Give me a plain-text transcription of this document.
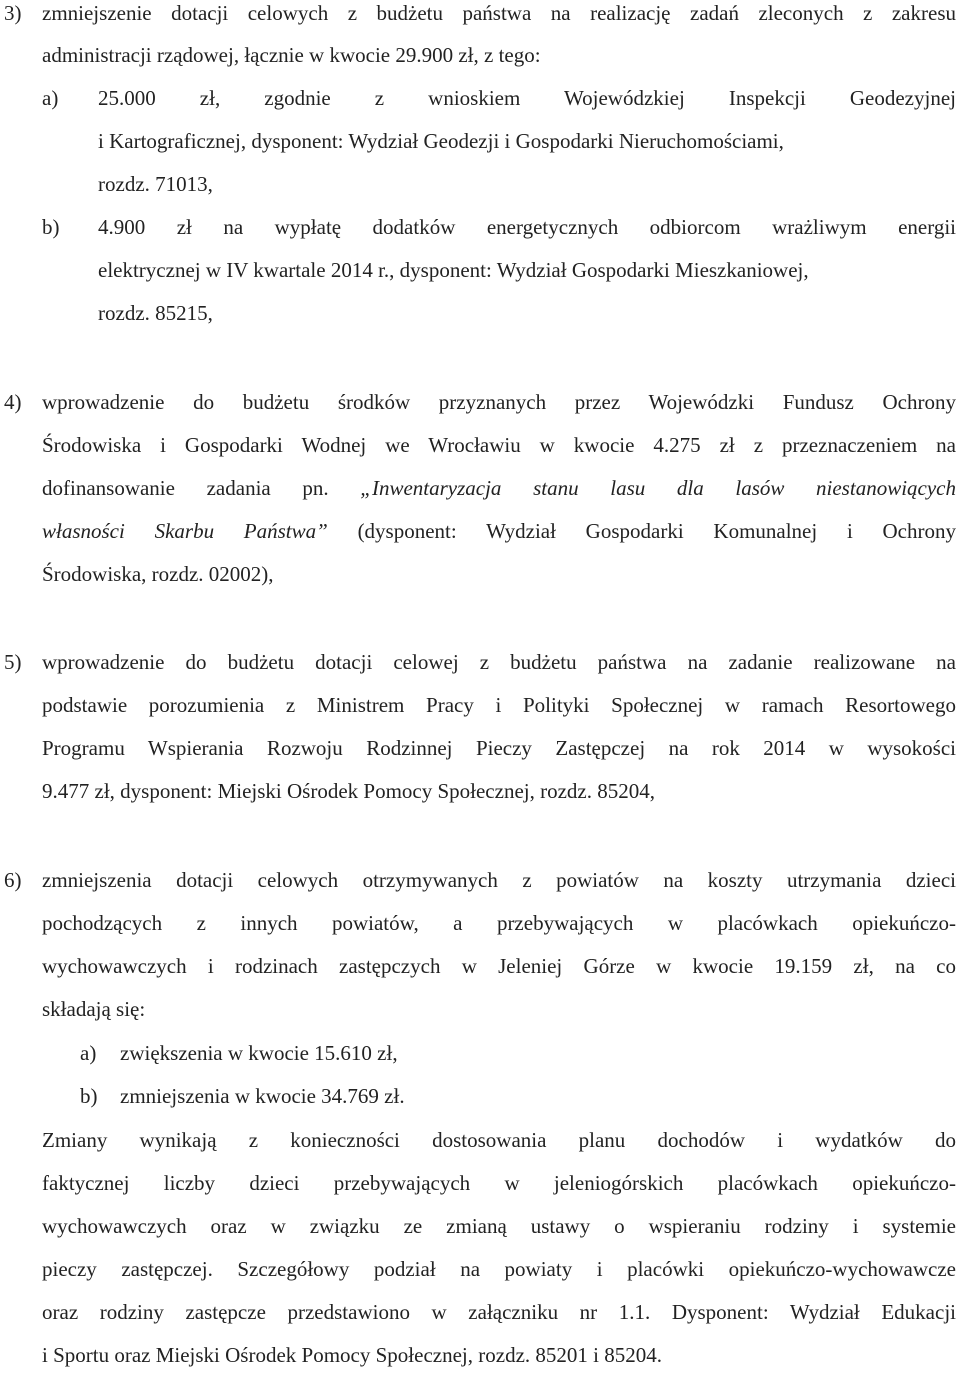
3) zmniejszenie dotacji celowych z budżetu państwa na realizację zadań zleconych z zakresu
administracji rządowej, łącznie w kwocie 29.900 zł, z tego:
a) 25.000 zł, zgodnie z wnioskiem Wojewódzkiej Inspekcji Geodezyjnej
i Kartograficznej, dysponent: Wydział Geodezji i Gospodarki Nieruchomościami,
rozdz. 71013,
b) 4.900 zł na wypłatę dodatków energetycznych odbiorcom wrażliwym energii
elektrycznej w IV kwartale 2014 r., dysponent: Wydział Gospodarki Mieszkaniowej,
rozdz. 85215,
4) wprowadzenie do budżetu środków przyznanych przez Wojewódzki Fundusz Ochrony
Środowiska i Gospodarki Wodnej we Wrocławiu w kwocie 4.275 zł z przeznaczeniem na
dofinansowanie zadania pn. „Inwentaryzacja stanu lasu dla lasów niestanowiących
własności Skarbu Państwa” (dysponent: Wydział Gospodarki Komunalnej i Ochrony
Środowiska, rozdz. 02002),
5) wprowadzenie do budżetu dotacji celowej z budżetu państwa na zadanie realizowane na
podstawie porozumienia z Ministrem Pracy i Polityki Społecznej w ramach Resortowego
Programu Wspierania Rozwoju Rodzinnej Pieczy Zastępczej na rok 2014 w wysokości
9.477 zł, dysponent: Miejski Ośrodek Pomocy Społecznej, rozdz. 85204,
6) zmniejszenia dotacji celowych otrzymywanych z powiatów na koszty utrzymania dzieci
pochodzących z innych powiatów, a przebywających w placówkach opiekuńczo-
wychowawczych i rodzinach zastępczych w Jeleniej Górze w kwocie 19.159 zł, na co
składają się:
a) zwiększenia w kwocie 15.610 zł,
b) zmniejszenia w kwocie 34.769 zł.
Zmiany wynikają z konieczności dostosowania planu dochodów i wydatków do
faktycznej liczby dzieci przebywających w jeleniogórskich placówkach opiekuńczo-
wychowawczych oraz w związku ze zmianą ustawy o wspieraniu rodziny i systemie
pieczy zastępczej. Szczegółowy podział na powiaty i placówki opiekuńczo-wychowawcze
oraz rodziny zastępcze przedstawiono w załączniku nr 1.1. Dysponent: Wydział Edukacji
i Sportu oraz Miejski Ośrodek Pomocy Społecznej, rozdz. 85201 i 85204.
